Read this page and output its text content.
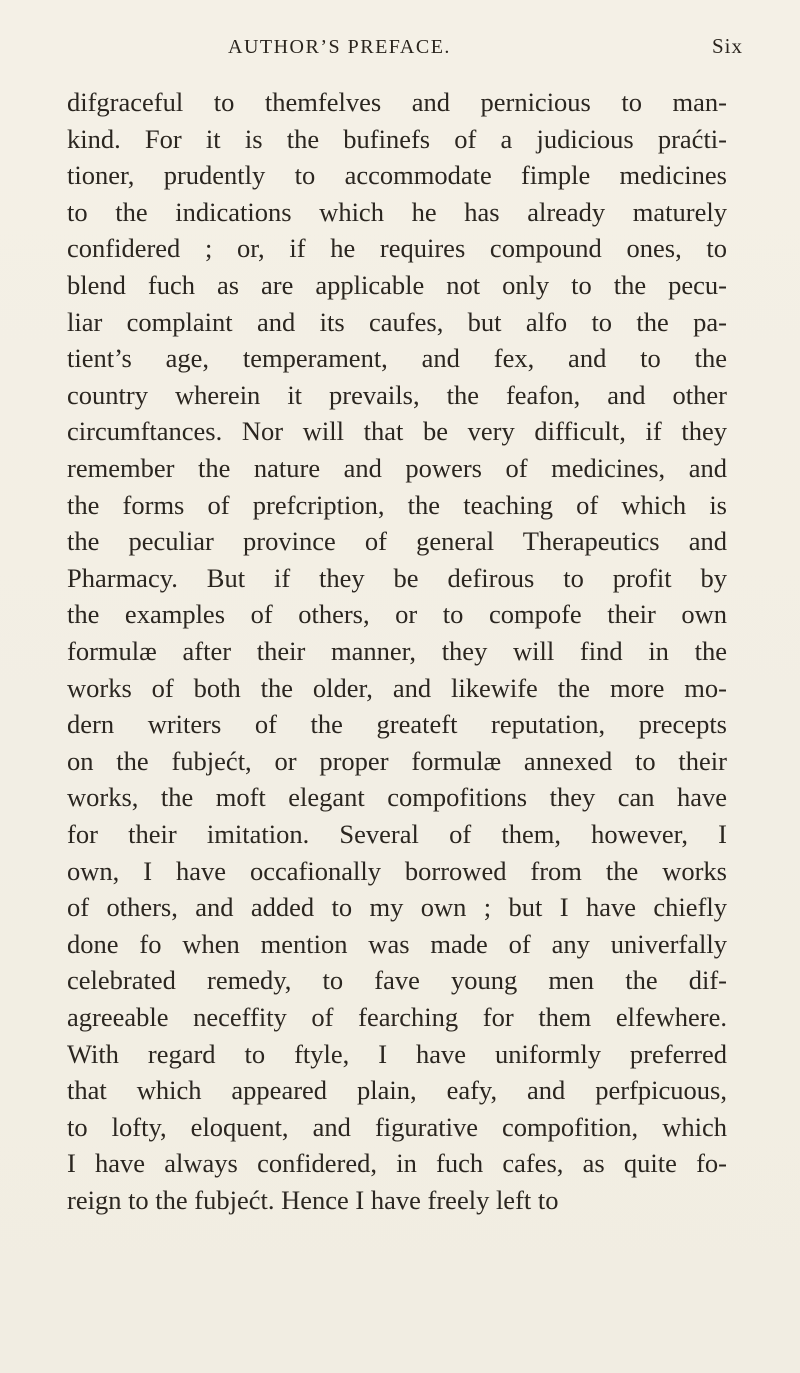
AUTHOR’S PREFACE.	Six
difgraceful to themfelves and pernicious to man-
kind. For it is the bufinefs of a judicious praćti-
tioner, prudently to accommodate fimple medicines
to the indications which he has already maturely
confidered ; or, if he requires compound ones, to
blend fuch as are applicable not only to the pecu-
liar complaint and its caufes, but alfo to the pa-
tient’s age, temperament, and fex, and to the
country wherein it prevails, the feafon, and other
circumftances. Nor will that be very difficult, if they
remember the nature and powers of medicines, and
the forms of prefcription, the teaching of which is
the peculiar province of general Therapeutics and
Pharmacy. But if they be defirous to profit by
the examples of others, or to compofe their own
formulæ after their manner, they will find in the
works of both the older, and likewife the more mo-
dern writers of the greateft reputation, precepts
on the fubjećt, or proper formulæ annexed to their
works, the moft elegant compofitions they can have
for their imitation. Several of them, however, I
own, I have occafionally borrowed from the works
of others, and added to my own ; but I have chiefly
done fo when mention was made of any univerfally
celebrated remedy, to fave young men the dif-
agreeable neceffity of fearching for them elfewhere.
With regard to ftyle, I have uniformly preferred
that which appeared plain, eafy, and perfpicuous,
to lofty, eloquent, and figurative compofition, which
I have always confidered, in fuch cafes, as quite fo-
reign to the fubjećt. Hence I have freely left to
